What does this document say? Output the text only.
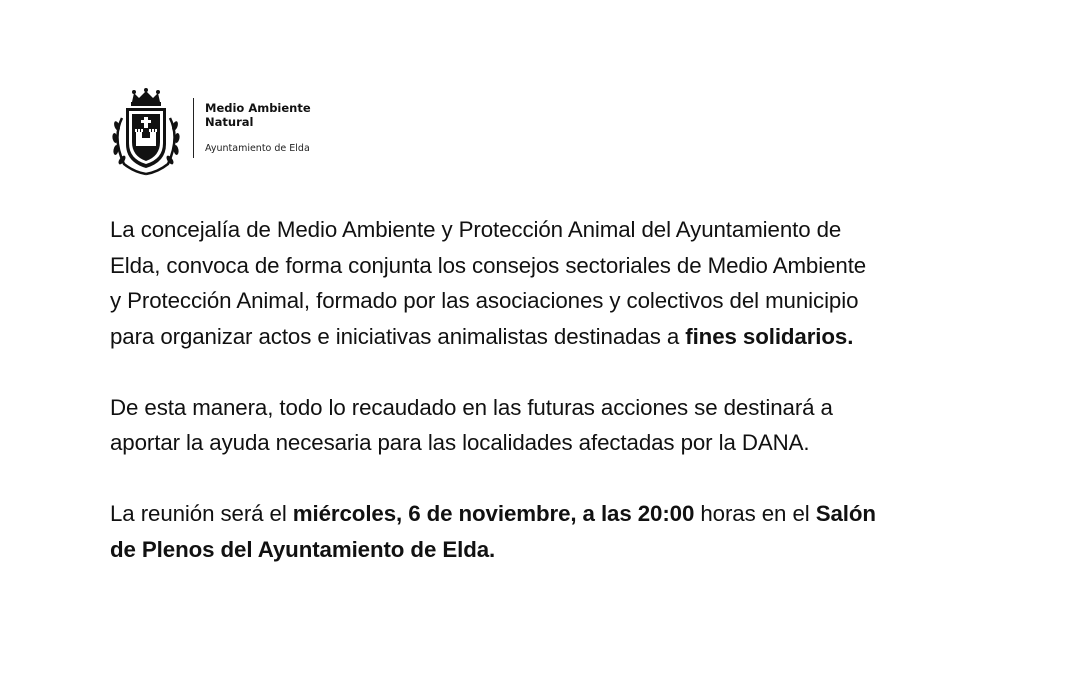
Medio Ambiente
Natural
Ayuntamiento de Elda

La concejalía de Medio Ambiente y Protección Animal del Ayuntamiento de
Elda, convoca de forma conjunta los consejos sectoriales de Medio Ambiente
y Protección Animal, formado por las asociaciones y colectivos del municipio
para organizar actos e iniciativas animalistas destinadas a fines solidarios.

De esta manera, todo lo recaudado en las futuras acciones se destinará a
aportar la ayuda necesaria para las localidades afectadas por la DANA.

La reunión será el miércoles, 6 de noviembre, a las 20:00 horas en el Salón
de Plenos del Ayuntamiento de Elda.
